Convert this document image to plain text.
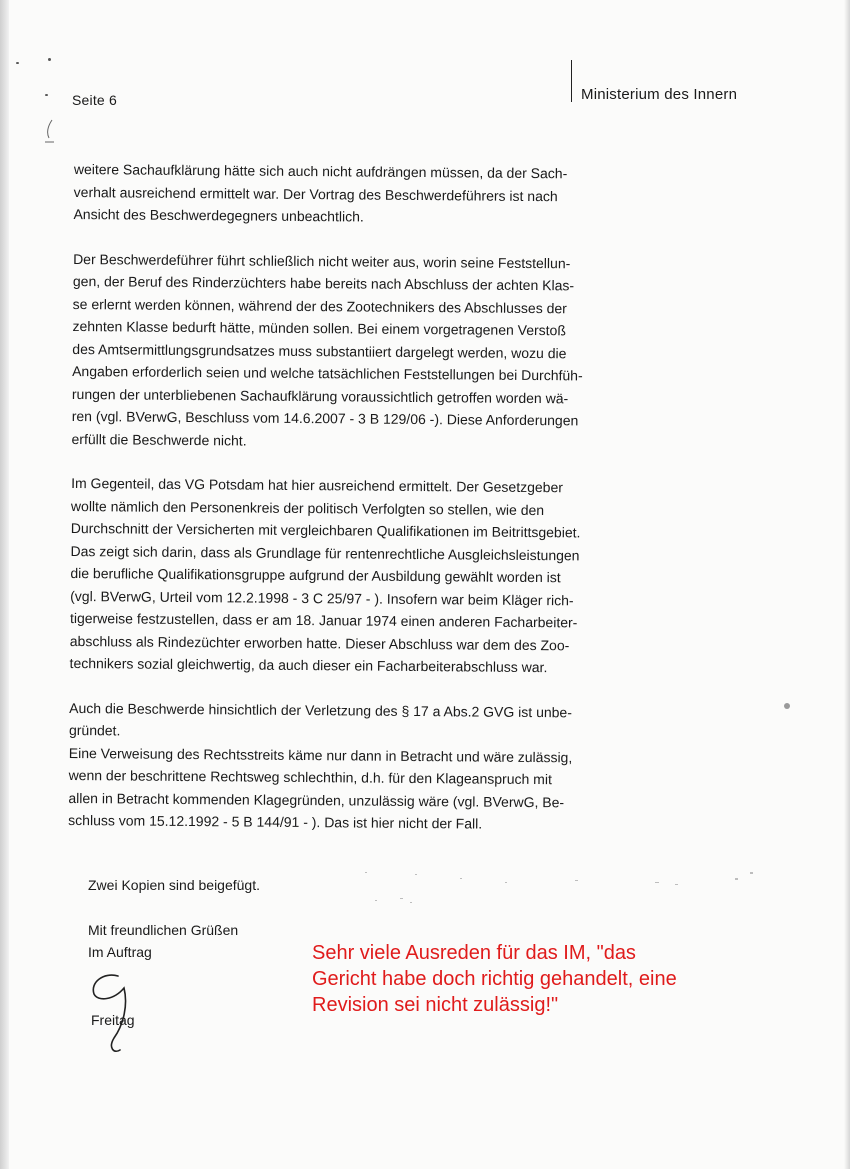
Seite 6	Ministerium des Innern

weitere Sachaufklärung hätte sich auch nicht aufdrängen müssen, da der Sach-
verhalt ausreichend ermittelt war. Der Vortrag des Beschwerdeführers ist nach
Ansicht des Beschwerdegegners unbeachtlich.

Der Beschwerdeführer führt schließlich nicht weiter aus, worin seine Feststellun-
gen, der Beruf des Rinderzüchters habe bereits nach Abschluss der achten Klas-
se erlernt werden können, während der des Zootechnikers des Abschlusses der
zehnten Klasse bedurft hätte, münden sollen. Bei einem vorgetragenen Verstoß
des Amtsermittlungsgrundsatzes muss substantiiert dargelegt werden, wozu die
Angaben erforderlich seien und welche tatsächlichen Feststellungen bei Durchfüh-
rungen der unterbliebenen Sachaufklärung voraussichtlich getroffen worden wä-
ren (vgl. BVerwG, Beschluss vom 14.6.2007 - 3 B 129/06 -). Diese Anforderungen
erfüllt die Beschwerde nicht.

Im Gegenteil, das VG Potsdam hat hier ausreichend ermittelt. Der Gesetzgeber
wollte nämlich den Personenkreis der politisch Verfolgten so stellen, wie den
Durchschnitt der Versicherten mit vergleichbaren Qualifikationen im Beitrittsgebiet.
Das zeigt sich darin, dass als Grundlage für rentenrechtliche Ausgleichsleistungen
die berufliche Qualifikationsgruppe aufgrund der Ausbildung gewählt worden ist
(vgl. BVerwG, Urteil vom 12.2.1998 - 3 C 25/97 - ). Insofern war beim Kläger rich-
tigerweise festzustellen, dass er am 18. Januar 1974 einen anderen Facharbeiter-
abschluss als Rindezüchter erworben hatte. Dieser Abschluss war dem des Zoo-
technikers sozial gleichwertig, da auch dieser ein Facharbeiterabschluss war.

Auch die Beschwerde hinsichtlich der Verletzung des § 17 a Abs.2 GVG ist unbe-
gründet.
Eine Verweisung des Rechtsstreits käme nur dann in Betracht und wäre zulässig,
wenn der beschrittene Rechtsweg schlechthin, d.h. für den Klageanspruch mit
allen in Betracht kommenden Klagegründen, unzulässig wäre (vgl. BVerwG, Be-
schluss vom 15.12.1992 - 5 B 144/91 - ). Das ist hier nicht der Fall.

Zwei Kopien sind beigefügt.
Mit freundlichen Grüßen
Im Auftrag
Freitag
Sehr viele Ausreden für das IM, "das
Gericht habe doch richtig gehandelt, eine
Revision sei nicht zulässig!"
